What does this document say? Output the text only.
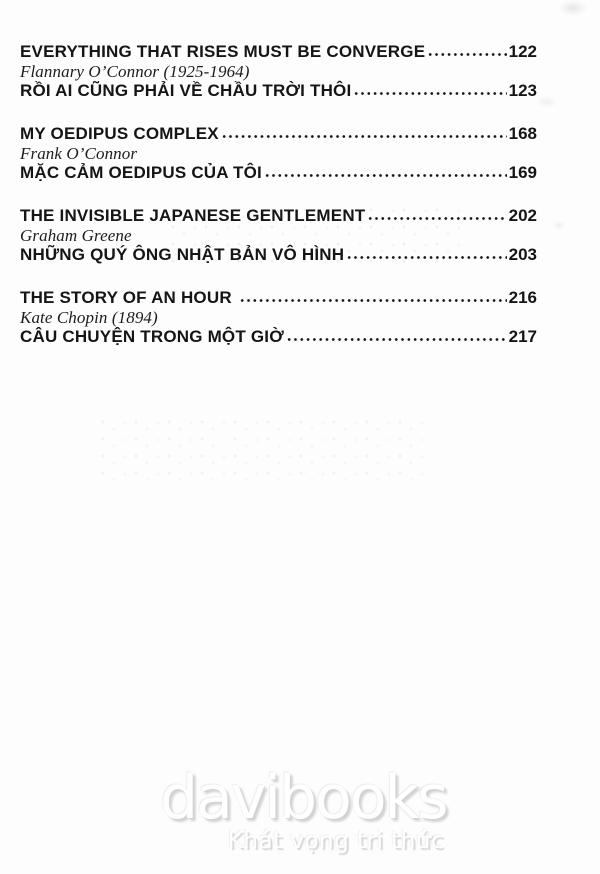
EVERYTHING THAT RISES MUST BE CONVERGE	122
Flannary O’Connor (1925-1964)
RỒI AI CŨNG PHẢI VỀ CHẦU TRỜI THÔI	123
MY OEDIPUS COMPLEX	168
Frank O’Connor
MẶC CẢM OEDIPUS CỦA TÔI	169
THE INVISIBLE JAPANESE GENTLEMENT	202
Graham Greene
NHỮNG QUÝ ÔNG NHẬT BẢN VÔ HÌNH	203
THE STORY OF AN HOUR	216
Kate Chopin (1894)
CÂU CHUYỆN TRONG MỘT GIỜ	217
davibooks
Khát vọng tri thức
